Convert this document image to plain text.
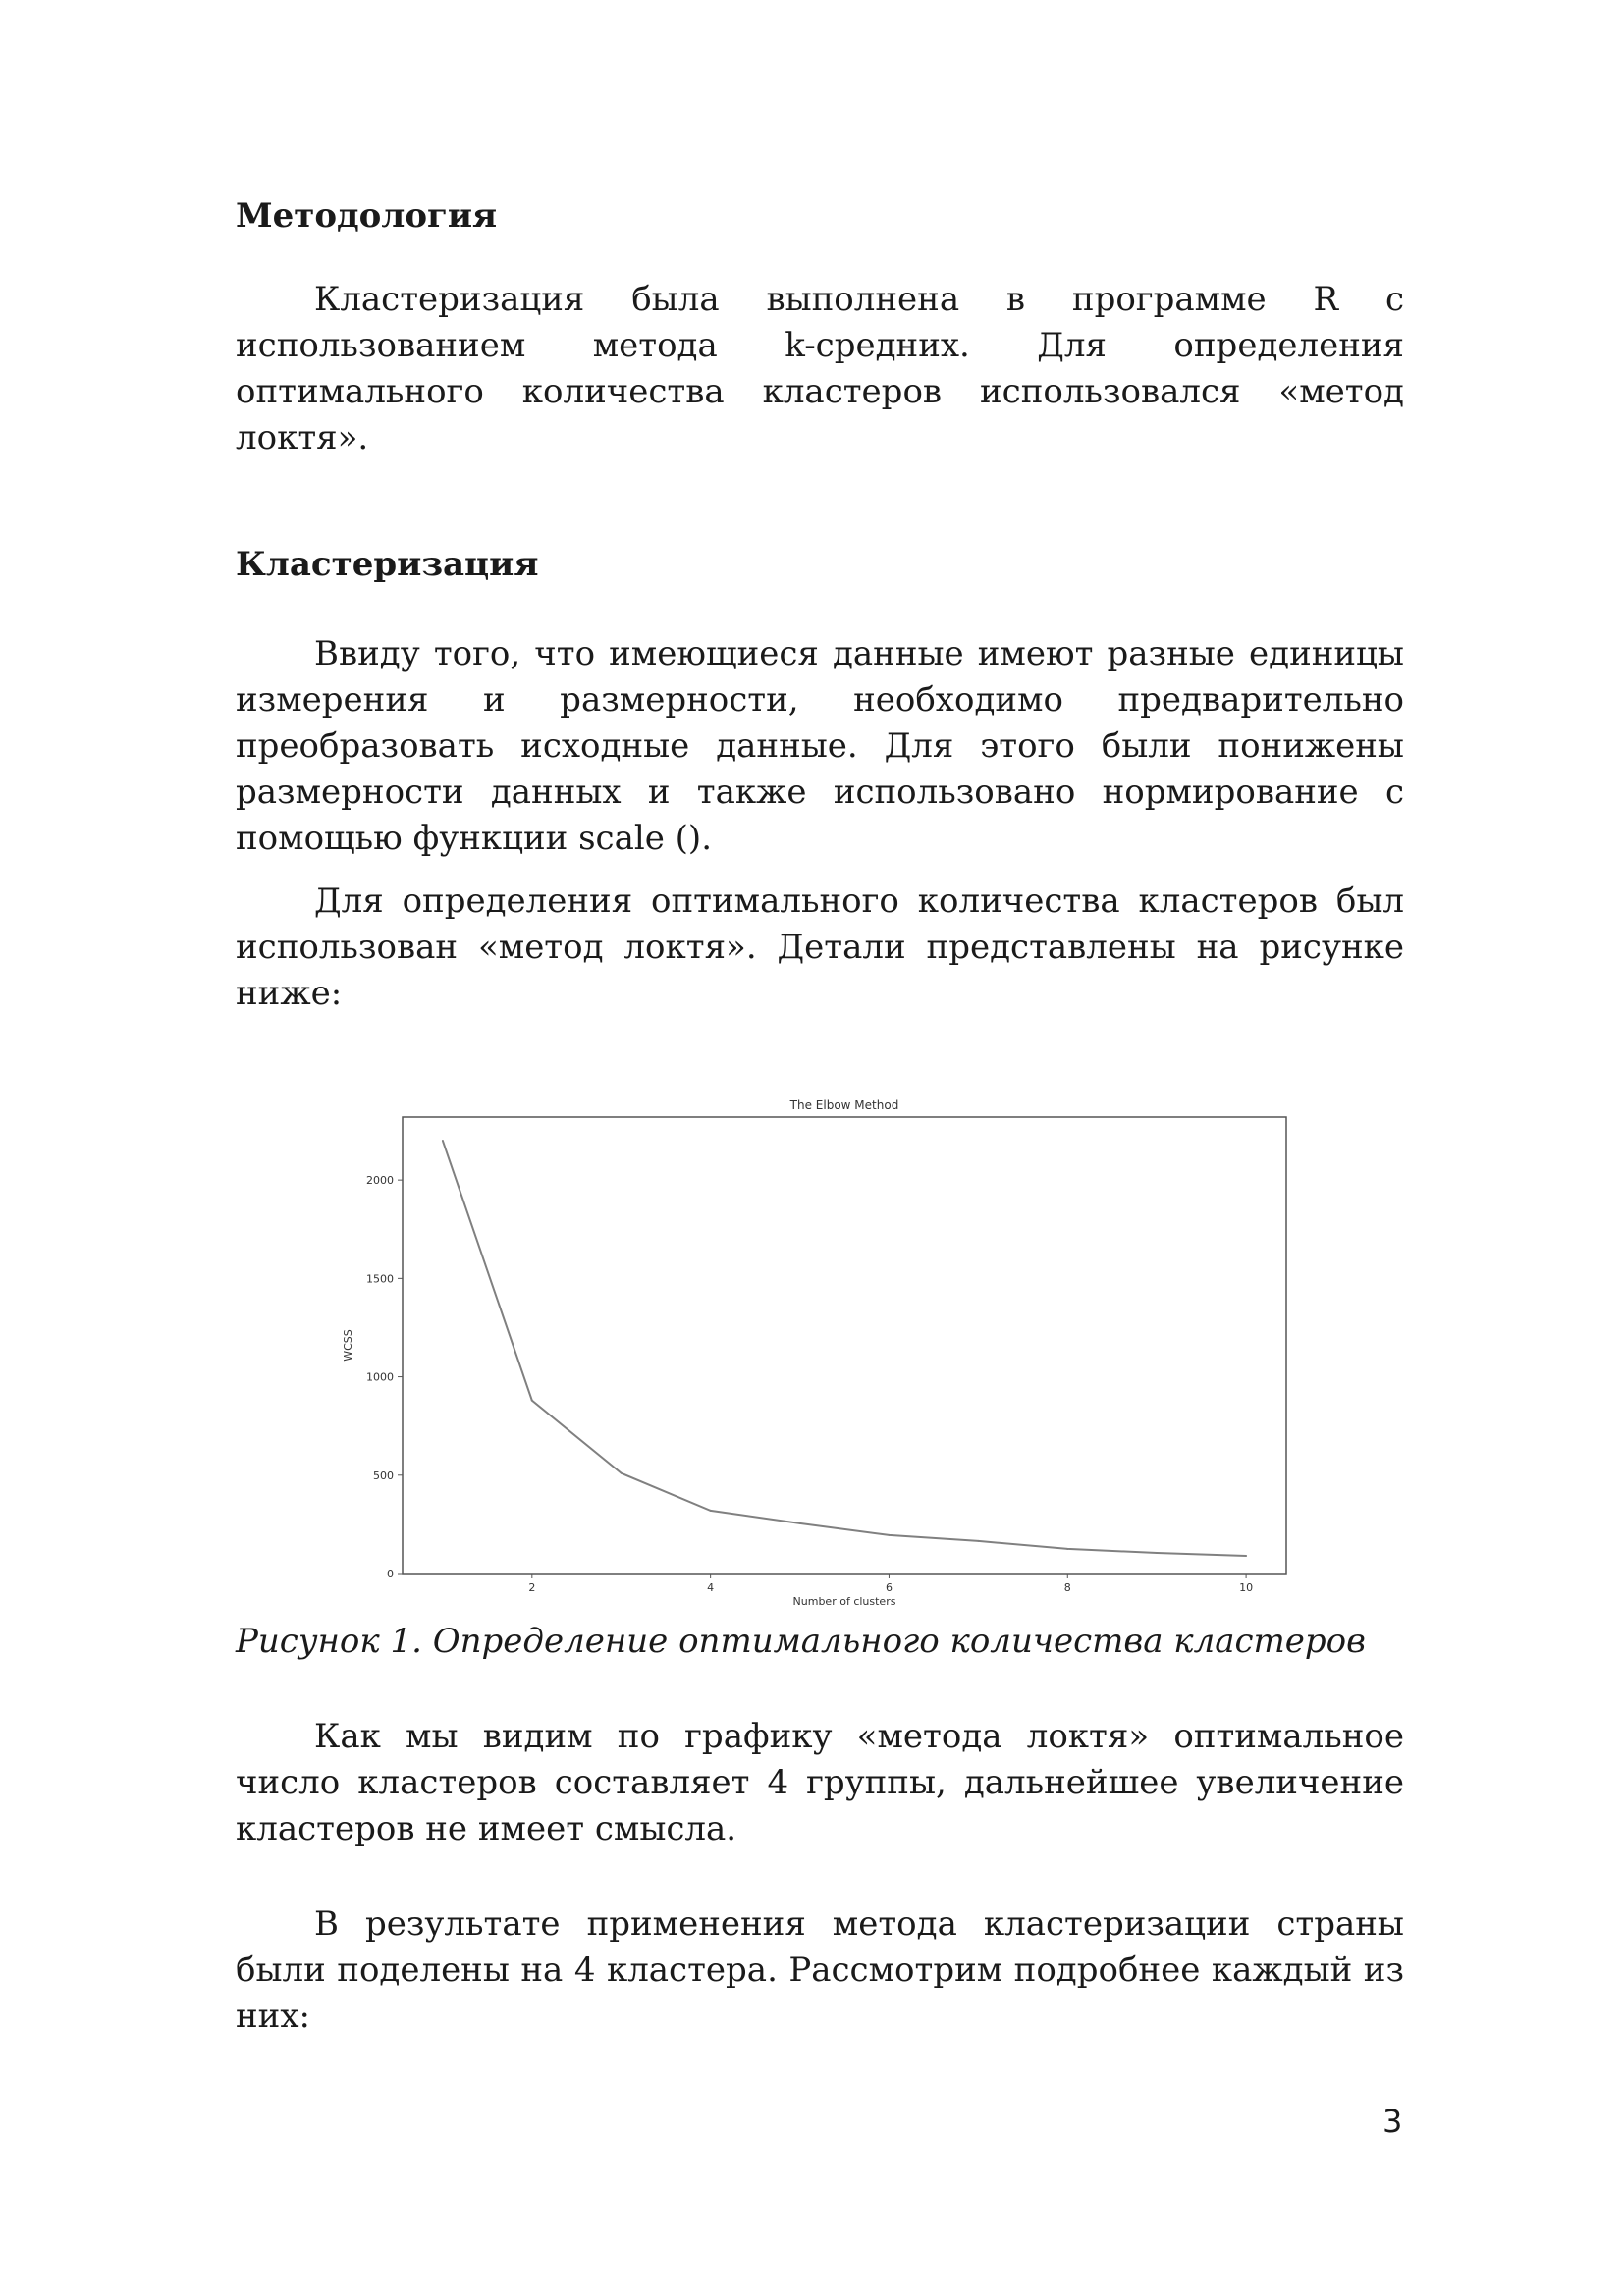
Методология

Кластеризация была выполнена в программе R с использованием метода k-средних. Для определения оптимального количества кластеров использовался «метод локтя».

Кластеризация

Ввиду того, что имеющиеся данные имеют разные единицы измерения и размерности, необходимо предварительно преобразовать исходные данные. Для этого были понижены размерности данных и также использовано нормирование с помощью функции scale ().

Для определения оптимального количества кластеров был использован «метод локтя». Детали представлены на рисунке ниже:

The Elbow Method
0
500
1000
1500
2000
2	4	6	8	10
Number of clusters
WCSS
Рисунок 1. Определение оптимального количества кластеров

Как мы видим по графику «метода локтя» оптимальное число кластеров составляет 4 группы, дальнейшее увеличение кластеров не имеет смысла.

В результате применения метода кластеризации страны были поделены на 4 кластера. Рассмотрим подробнее каждый из них:

3
